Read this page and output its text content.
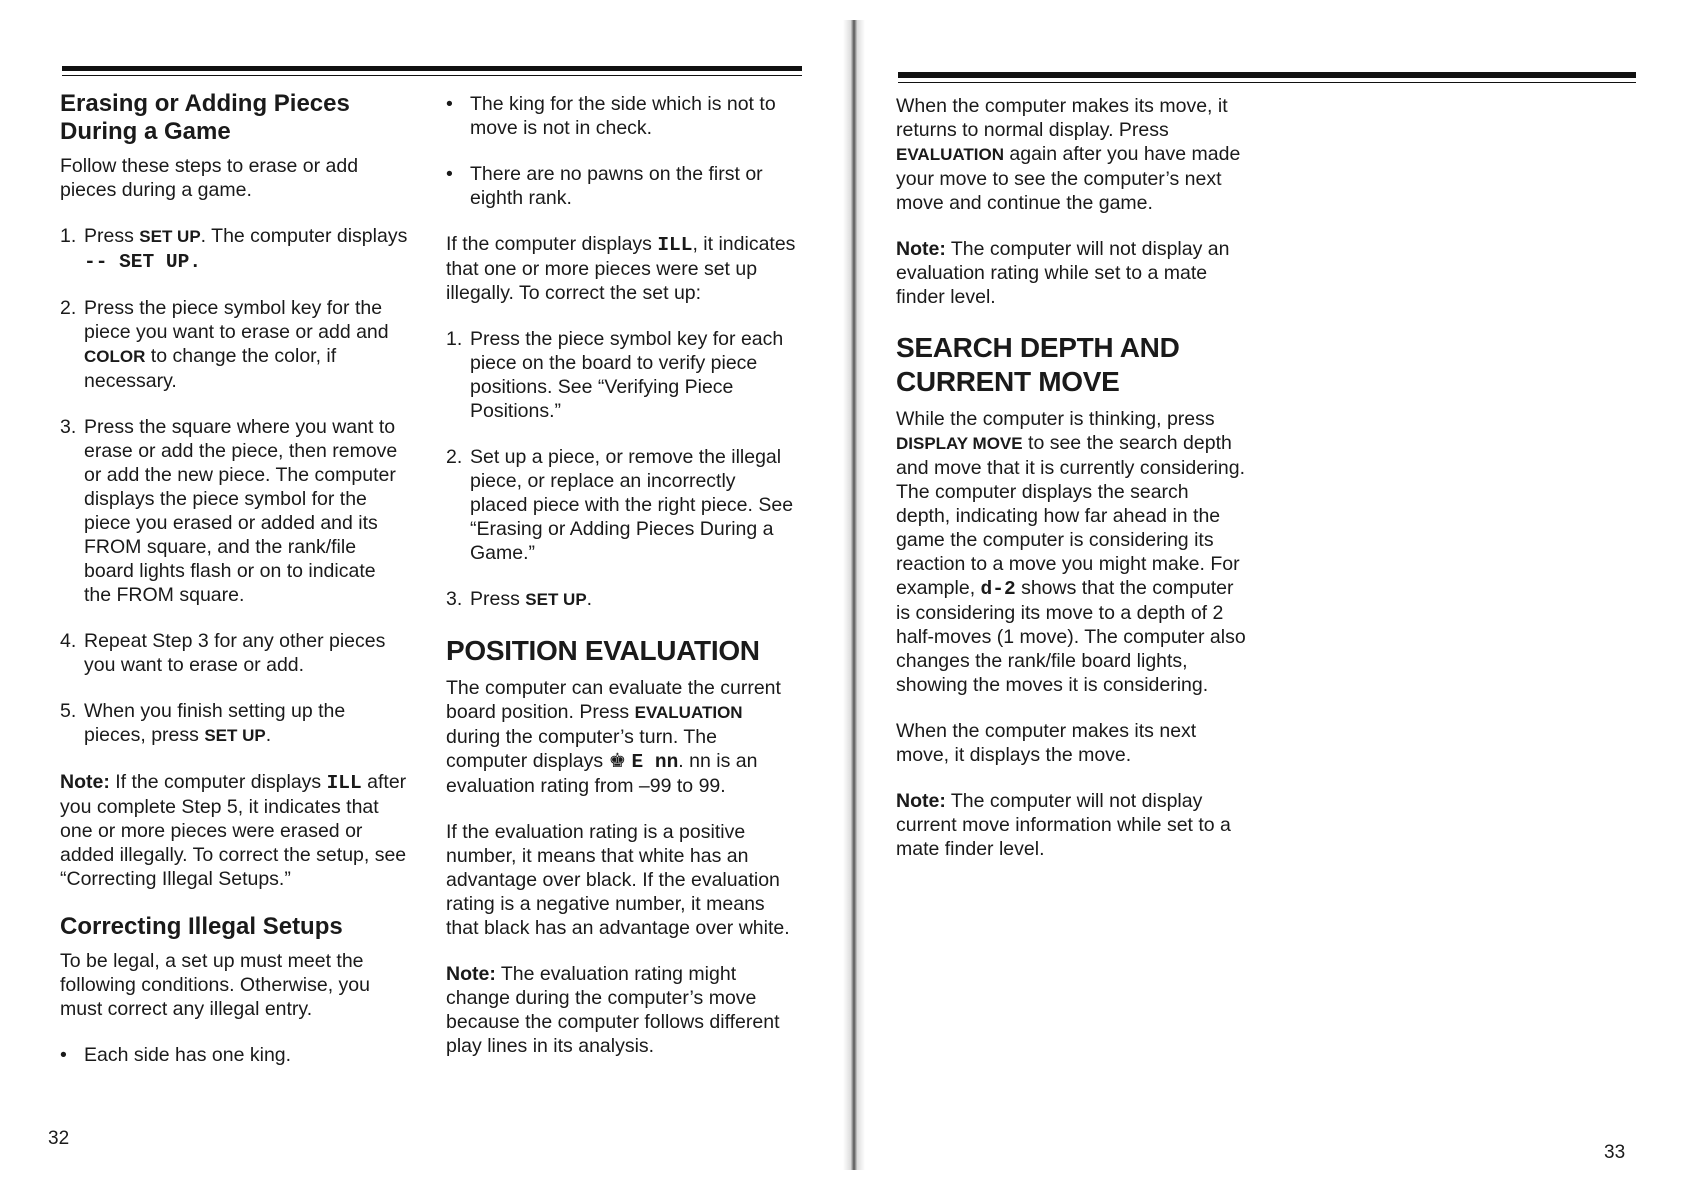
Erasing or Adding Pieces During a Game

Follow these steps to erase or add pieces during a game.

1. Press SET UP. The computer displays
-- SET UP.
2. Press the piece symbol key for the piece you want to erase or add and COLOR to change the color, if necessary.
3. Press the square where you want to erase or add the piece, then remove or add the new piece. The computer displays the piece symbol for the piece you erased or added and its FROM square, and the rank/file board lights flash or on to indicate the FROM square.
4. Repeat Step 3 for any other pieces you want to erase or add.
5. When you finish setting up the pieces, press SET UP.

Note: If the computer displays ILL after you complete Step 5, it indicates that one or more pieces were erased or added illegally. To correct the setup, see “Correcting Illegal Setups.”

Correcting Illegal Setups

To be legal, a set up must meet the following conditions. Otherwise, you must correct any illegal entry.

• Each side has one king.
• The king for the side which is not to move is not in check.
• There are no pawns on the first or eighth rank.

If the computer displays ILL, it indicates that one or more pieces were set up illegally. To correct the set up:

1. Press the piece symbol key for each piece on the board to verify piece positions. See “Verifying Piece Positions.”
2. Set up a piece, or remove the illegal piece, or replace an incorrectly placed piece with the right piece. See “Erasing or Adding Pieces During a Game.”
3. Press SET UP.
POSITION EVALUATION

The computer can evaluate the current board position. Press EVALUATION during the computer’s turn. The computer displays ♚ E nn. nn is an evaluation rating from –99 to 99.

If the evaluation rating is a positive number, it means that white has an advantage over black. If the evaluation rating is a negative number, it means that black has an advantage over white.

Note: The evaluation rating might change during the computer’s move because the computer follows different play lines in its analysis.

32

When the computer makes its move, it returns to normal display. Press EVALUATION again after you have made your move to see the computer’s next move and continue the game.

Note: The computer will not display an evaluation rating while set to a mate finder level.

SEARCH DEPTH AND CURRENT MOVE

While the computer is thinking, press DISPLAY MOVE to see the search depth and move that it is currently considering. The computer displays the search depth, indicating how far ahead in the game the computer is considering its reaction to a move you might make. For example, d-2 shows that the computer is considering its move to a depth of 2 half-moves (1 move). The computer also changes the rank/file board lights, showing the moves it is considering.

When the computer makes its next move, it displays the move.

Note: The computer will not display current move information while set to a mate finder level.

33
